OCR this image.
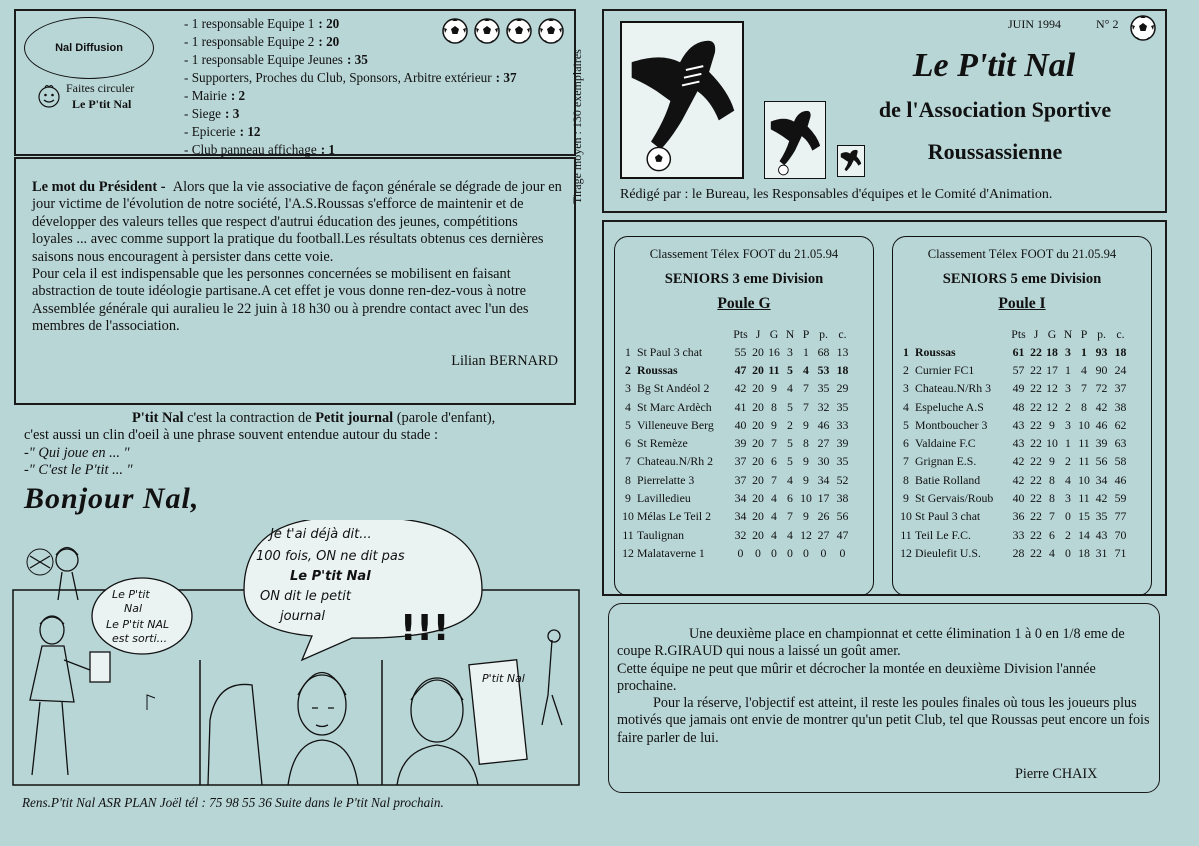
Nal Diffusion
Faites circuler
Le P'tit Nal
- 1 responsable Equipe 1 : 20
- 1 responsable Equipe 2 : 20
- 1 responsable Equipe Jeunes : 35
- Supporters, Proches du Club, Sponsors, Arbitre extérieur : 37
- Mairie : 2
- Siege : 3
- Epicerie : 12
- Club panneau affichage : 1	Tirage moyen : 130 exemplaires

Le mot du Président - Alors que la vie associative de façon générale se dégrade de jour en jour victime de l'évolution de notre société, l'A.S.Roussas s'efforce de maintenir et de développer des valeurs telles que respect d'autrui éducation des jeunes, compétitions loyales ... avec comme support la pratique du football.Les résultats obtenus ces dernières saisons nous encouragent à persister dans cette voie.

Pour cela il est indispensable que les personnes concernées se mobilisent en faisant abstraction de toute idéologie partisane.A cet effet je vous donne ren-dez-vous à notre Assemblée générale qui auralieu le 22 juin à 18 h30 ou à prendre contact avec l'un des membres de l'association.

Lilian BERNARD
P'tit Nal c'est la contraction de Petit journal (parole d'enfant),
c'est aussi un clin d'oeil à une phrase souvent entendue autour du stade :
-" Qui joue en ... "
-" C'est le P'tit ... "
Bonjour Nal,
Le P'tit Nal Le P'tit NAL est sorti...
Je t'ai déjà dit... 100 fois, ON ne dit pas Le P'tit Nal ON dit le petit journal	!!!
P'tit Nal
Rens.P'tit Nal ASR PLAN Joël tél : 75 98 55 36 Suite dans le P'tit Nal prochain.
JUIN 1994	N° 2
Le P'tit Nal
de l'Association Sportive
Roussassienne
Rédigé par : le Bureau, les Responsables d'équipes et le Comité d'Animation.
Classement Télex FOOT du 21.05.94
SENIORS 3 eme Division
Poule G
		Pts	J	G	N	P	p.	c.
1	St Paul 3 chat	55	20	16	3	1	68	13
2	Roussas	47	20	11	5	4	53	18
3	Bg St Andéol 2	42	20	9	4	7	35	29
4	St Marc Ardèch	41	20	8	5	7	32	35
5	Villeneuve Berg	40	20	9	2	9	46	33
6	St Remèze	39	20	7	5	8	27	39
7	Chateau.N/Rh 2	37	20	6	5	9	30	35
8	Pierrelatte 3	37	20	7	4	9	34	52
9	Lavilledieu	34	20	4	6	10	17	38
10	Mélas Le Teil 2	34	20	4	7	9	26	56
11	Taulignan	32	20	4	4	12	27	47
12	Malataverne 1	0	0	0	0	0	0	0
Classement Télex FOOT du 21.05.94
SENIORS 5 eme Division
Poule I
		Pts	J	G	N	P	p.	c.
1	Roussas	61	22	18	3	1	93	18
2	Curnier FC1	57	22	17	1	4	90	24
3	Chateau.N/Rh 3	49	22	12	3	7	72	37
4	Espeluche A.S	48	22	12	2	8	42	38
5	Montboucher 3	43	22	9	3	10	46	62
6	Valdaine F.C	43	22	10	1	11	39	63
7	Grignan E.S.	42	22	9	2	11	56	58
8	Batie Rolland	42	22	8	4	10	34	46
9	St Gervais/Roub	40	22	8	3	11	42	59
10	St Paul 3 chat	36	22	7	0	15	35	77
11	Teil Le F.C.	33	22	6	2	14	43	70
12	Dieulefit U.S.	28	22	4	0	18	31	71

Une deuxième place en championnat et cette élimination 1 à 0 en 1/8 eme de coupe R.GIRAUD qui nous a laissé un goût amer.

Cette équipe ne peut que mûrir et décrocher la montée en deuxième Division l'année prochaine.

Pour la réserve, l'objectif est atteint, il reste les poules finales où tous les joueurs plus motivés que jamais ont envie de montrer qu'un petit Club, tel que Roussas peut encore un fois faire parler de lui.

Pierre CHAIX
